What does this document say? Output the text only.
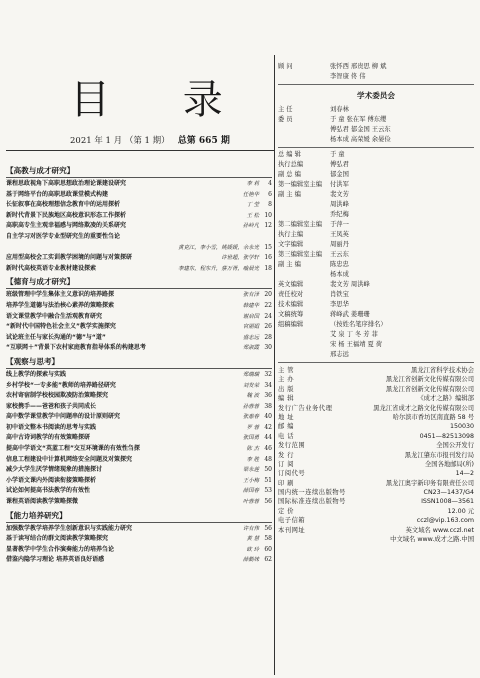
目 录
2021 年 1 月 （第 1 期） 总第 665 期
【高教与成才研究】
课程思政视角下高职思想政治理论课建设研究	李 莉	4
基于网络平台的高职思政课堂模式构建	任艳华	6
长征叙事在高校理想信念教育中的运用探析	丁 莹	8
新时代背景下民族地区高校意识形态工作探析	王 松 10
高职高专生主观幸福感与网络欺凌的关系研究	孙岭凡 12
自主学习对医学专业型研究生的重要性刍论
黄克江，李小雪，姚媛媛，余永光 15
应用型高校会工实训教学困境的问题与对策探研	许世超，张学轩 16
新时代高校英语专业教材建设探索	李建东，程东升，蔡万胥，喻晨光 18
【德育与成才研究】
班级管理中学生集体主义意识的培养路探	张有泽 20
培养学生道德与法治核心素养的策略探索	韩建华 22
语文课堂教学中融合生活观教育研究	谢启国 24
“新时代中国特色社会主义”教学实施探究	官丽娟 26
试论班主任与家长沟通的“德”与“道”	盛志远 28
“互联网＋”背景下农村家庭教育指导体系的构建思考	郑淑霞 30
【观察与思考】
线上教学的探索与实践	郑瑞瑞 32
乡村学校“一专多能”教师的培养路径研究	刘发荣 34
农村寄宿制学校校园欺凌防治策略探究	魏 波 36
家校携手——爸爸和孩子共同成长	孙蓉蓉 38
高中数学课堂教学中问题串的设计原则研究	张惠春 40
初中语文整本书阅读的思考与实践	罗 蓉 42
高中古诗词教学的有效策略探研	张国勇 44
提高中学语文“英蓝工程”交互环境课的有效性刍探	陈 杰 46
信息工程建设中计算机网络安全问题及对策探究	李 胜 48
减少大学生厌学情绪现象的措施探讨	梁永莲 50
小学语文课内外阅读衔接策略探析	王小梅 51
试论如何提高书法教学的有效性	薛国春 53
课程英语阅读教学策略探微	叶蓉蓉 56
【能力培养研究】
加强数学教学培养学生创新意识与实践能力研究	许有伟 56
基于读写结合的群文阅读教学策略探究	黄 慧 58
显著教学中学生合作演奏能力的培养刍论	欧 玲 60
借鉴内隐学习理论 培养英语良好语感	薛勤妹 62
顾 问	张怀西 邢贵思 柳 斌
李智康 佟 伟
学术委员会
主 任	刘春林
委 员	于 童 张在军 傅东缨
傅弘君 郁金国 王云东
杨本成 高荣媛 余晏俭
总 编 辑	于 童
执行总编	傅弘君
副 总 编	郁金国
第一编辑室主编	付洪军
副 主 编	裴文芳
周洪峰
乔纪梅
第二编辑室主编	于萍一
执行主编	王凤英
文字编辑	周丽丹
第三编辑室主编	王云东
副 主 编	陈忠忠
杨本成
英文编辑	裴文芳 周洪峰
责任校对	肖铁宝
技术编辑	李思华
文稿统筹	蒋峰武 姜珊珊
组稿编辑	（按姓名笔序排名）
艾 泉 丁 冬 芳 菲
宋 杨 王福靖 夏 荷
邢志远
主 管	黑龙江省科学技术协会
主 办	黑龙江省创新文化传媒有限公司
出 版	黑龙江省创新文化传媒有限公司
编 辑	《成才之路》编辑部
发行广告业务代理	黑龙江省成才之路文化传媒有限公司
地 址	哈尔滨市香坊区南直路 58 号
邮 编	150030
电 话	0451—82513098
发行范围	全国公开发行
发 行	黑龙江肇东市报刊发行局
订 阅	全国各地邮局(所)
订阅代号	14—2
印 刷	黑龙江奥宇新印务有限责任公司
国内统一连续出版物号	CN23—1437/G4
国际标准连续出版物号	ISSN1008—3561
定 价	12.00 元
电子信箱	cczl@vip.163.com
本刊网址	英文域名 www.cczl.net
中文域名 www.成才之路.中国
